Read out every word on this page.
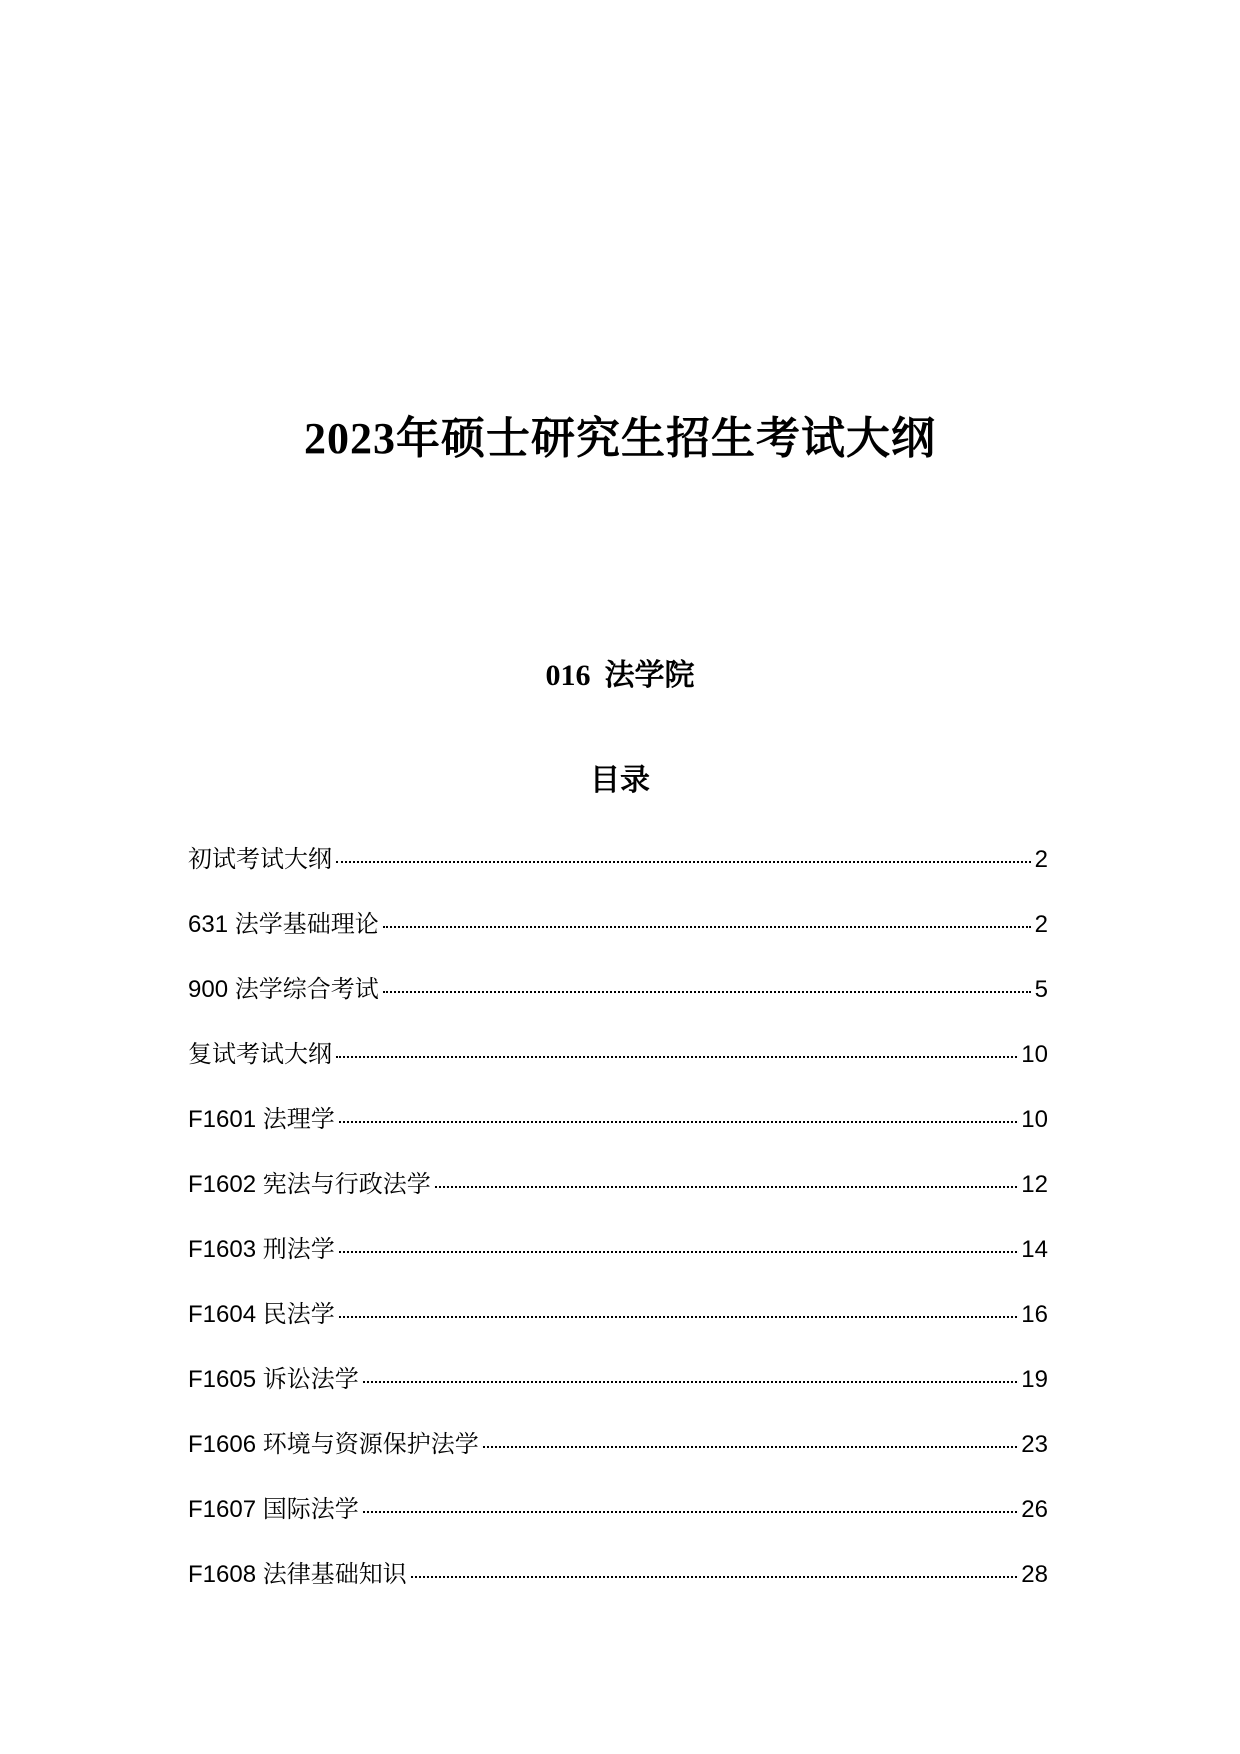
2023年硕士研究生招生考试大纲
016 法学院
目录
初试考试大纲	2
631 法学基础理论	2
900 法学综合考试	5
复试考试大纲	10
F1601 法理学	10
F1602 宪法与行政法学	12
F1603 刑法学	14
F1604 民法学	16
F1605 诉讼法学	19
F1606 环境与资源保护法学	23
F1607 国际法学	26
F1608 法律基础知识	28
